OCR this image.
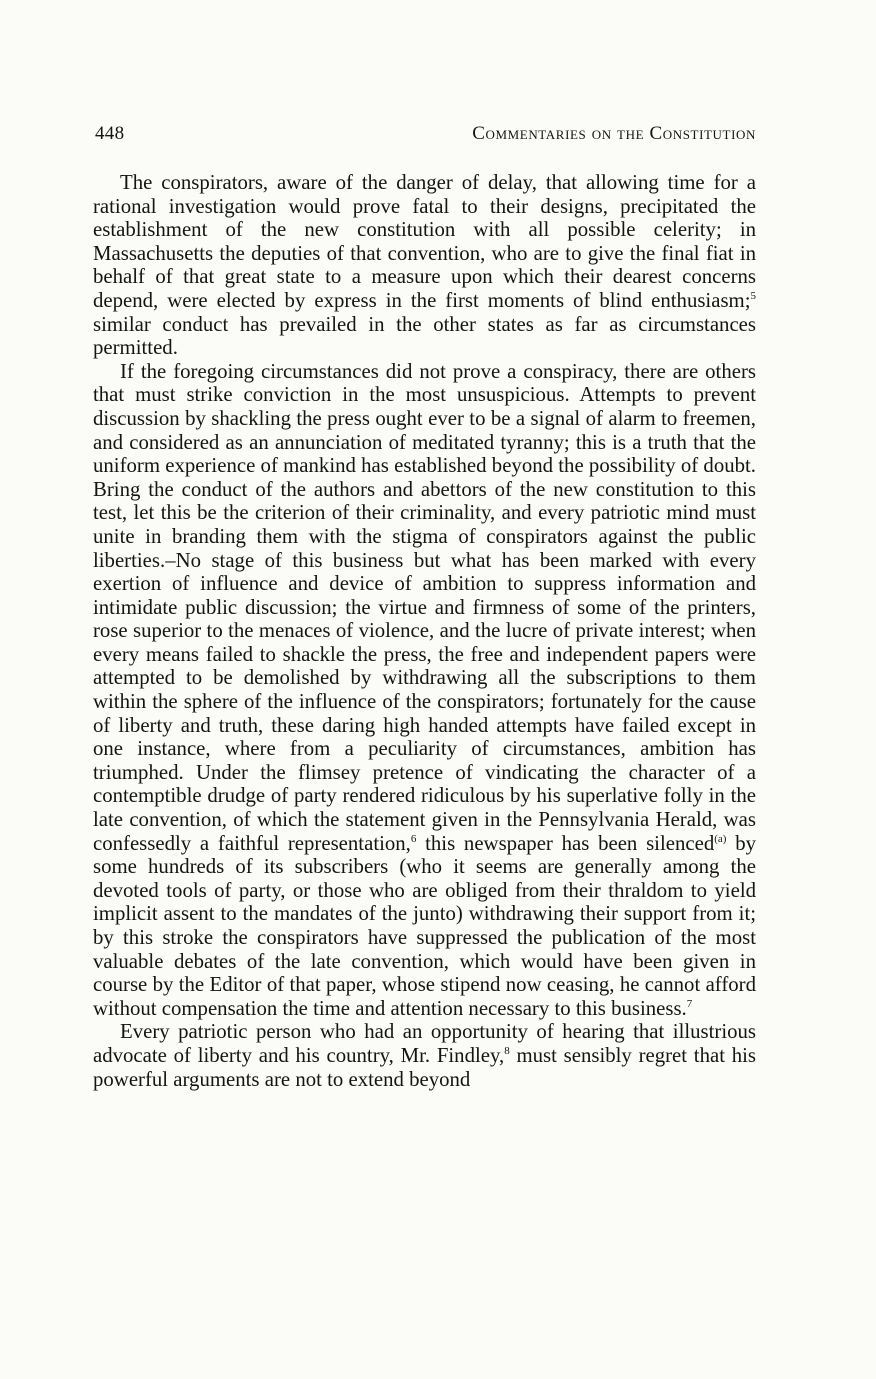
448	Commentaries on the Constitution

The conspirators, aware of the danger of delay, that allowing time for a rational investigation would prove fatal to their designs, precipitated the establishment of the new constitution with all possible celerity; in Massachusetts the deputies of that convention, who are to give the final fiat in behalf of that great state to a measure upon which their dearest concerns depend, were elected by express in the first moments of blind enthusiasm;$^5$ similar conduct has prevailed in the other states as far as circumstances permitted.

If the foregoing circumstances did not prove a conspiracy, there are others that must strike conviction in the most unsuspicious. Attempts to prevent discussion by shackling the press ought ever to be a signal of alarm to freemen, and considered as an annunciation of meditated tyranny; this is a truth that the uniform experience of mankind has established beyond the possibility of doubt. Bring the conduct of the authors and abettors of the new constitution to this test, let this be the criterion of their criminality, and every patriotic mind must unite in branding them with the stigma of conspirators against the public liberties.–No stage of this business but what has been marked with every exertion of influence and device of ambition to suppress information and intimidate public discussion; the virtue and firmness of some of the printers, rose superior to the menaces of violence, and the lucre of private interest; when every means failed to shackle the press, the free and independent papers were attempted to be demolished by withdrawing all the subscriptions to them within the sphere of the influence of the conspirators; fortunately for the cause of liberty and truth, these daring high handed attempts have failed except in one instance, where from a peculiarity of circumstances, ambition has triumphed. Under the flimsey pretence of vindicating the character of a contemptible drudge of party rendered ridiculous by his superlative folly in the late convention, of which the statement given in the Pennsylvania Herald, was confessedly a faithful representation,$^6$ this newspaper has been silenced$^{(a)}$ by some hundreds of its subscribers (who it seems are generally among the devoted tools of party, or those who are obliged from their thraldom to yield implicit assent to the mandates of the junto) withdrawing their support from it; by this stroke the conspirators have suppressed the publication of the most valuable debates of the late convention, which would have been given in course by the Editor of that paper, whose stipend now ceasing, he cannot afford without compensation the time and attention necessary to this business.$^7$

Every patriotic person who had an opportunity of hearing that illustrious advocate of liberty and his country, Mr. Findley,$^8$ must sensibly regret that his powerful arguments are not to extend beyond
